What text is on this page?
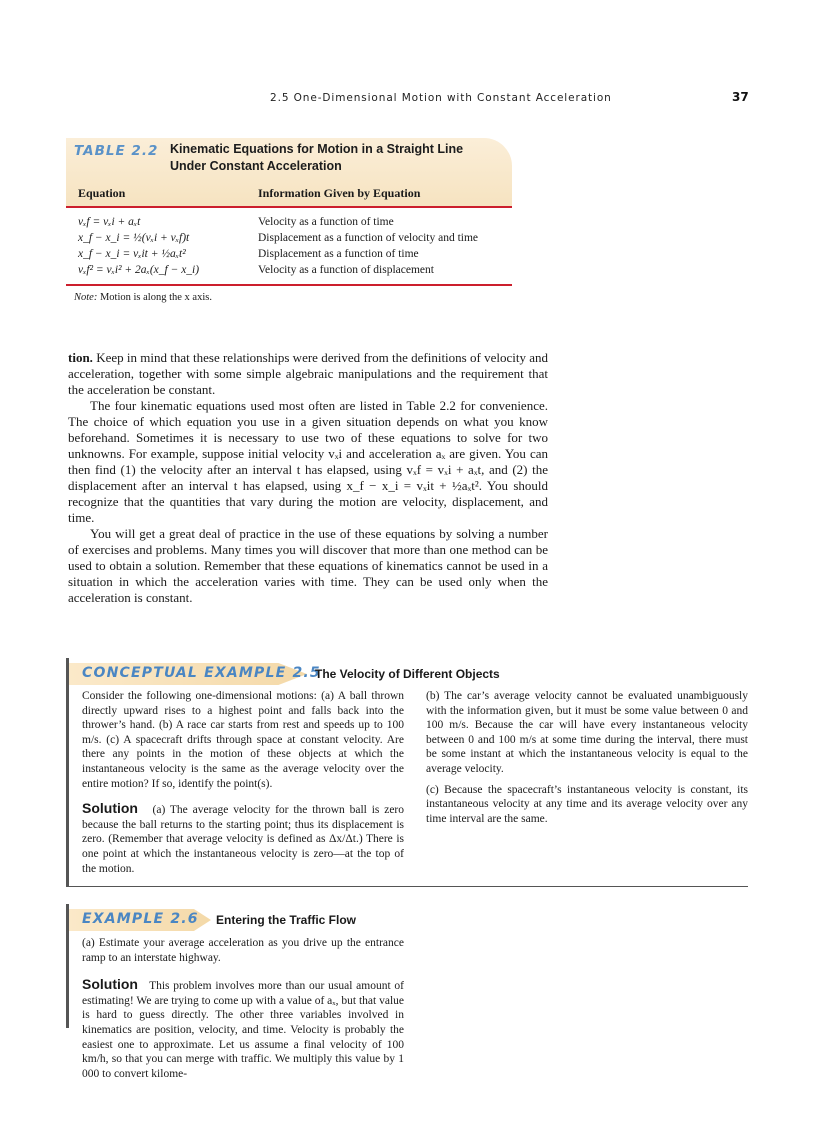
2.5 One-Dimensional Motion with Constant Acceleration	37
TABLE 2.2 Kinematic Equations for Motion in a Straight Line
Under Constant Acceleration
Equation	Information Given by Equation
vₓf = vₓi + aₓt	Velocity as a function of time
x_f − x_i = ½(vₓi + vₓf)t	Displacement as a function of velocity and time
x_f − x_i = vₓit + ½aₓt²	Displacement as a function of time
vₓf² = vₓi² + 2aₓ(x_f − x_i)	Velocity as a function of displacement
Note: Motion is along the x axis.

tion. Keep in mind that these relationships were derived from the definitions of velocity and acceleration, together with some simple algebraic manipulations and the requirement that the acceleration be constant.

The four kinematic equations used most often are listed in Table 2.2 for convenience. The choice of which equation you use in a given situation depends on what you know beforehand. Sometimes it is necessary to use two of these equations to solve for two unknowns. For example, suppose initial velocity vₓi and acceleration aₓ are given. You can then find (1) the velocity after an interval t has elapsed, using vₓf = vₓi + aₓt, and (2) the displacement after an interval t has elapsed, using x_f − x_i = vₓit + ½aₓt². You should recognize that the quantities that vary during the motion are velocity, displacement, and time.

You will get a great deal of practice in the use of these equations by solving a number of exercises and problems. Many times you will discover that more than one method can be used to obtain a solution. Remember that these equations of kinematics cannot be used in a situation in which the acceleration varies with time. They can be used only when the acceleration is constant.

CONCEPTUAL EXAMPLE 2.5
The Velocity of Different Objects

Consider the following one-dimensional motions: (a) A ball thrown directly upward rises to a highest point and falls back into the thrower’s hand. (b) A race car starts from rest and speeds up to 100 m/s. (c) A spacecraft drifts through space at constant velocity. Are there any points in the motion of these objects at which the instantaneous velocity is the same as the average velocity over the entire motion? If so, identify the point(s).

Solution (a) The average velocity for the thrown ball is zero because the ball returns to the starting point; thus its displacement is zero. (Remember that average velocity is defined as Δx/Δt.) There is one point at which the instantaneous velocity is zero—at the top of the motion.

(b) The car’s average velocity cannot be evaluated unambiguously with the information given, but it must be some value between 0 and 100 m/s. Because the car will have every instantaneous velocity between 0 and 100 m/s at some time during the interval, there must be some instant at which the instantaneous velocity is equal to the average velocity.

(c) Because the spacecraft’s instantaneous velocity is constant, its instantaneous velocity at any time and its average velocity over any time interval are the same.

EXAMPLE 2.6 Entering the Traffic Flow

(a) Estimate your average acceleration as you drive up the entrance ramp to an interstate highway.

Solution This problem involves more than our usual amount of estimating! We are trying to come up with a value of aₓ, but that value is hard to guess directly. The other three variables involved in kinematics are position, velocity, and time. Velocity is probably the easiest one to approximate. Let us assume a final velocity of 100 km/h, so that you can merge with traffic. We multiply this value by 1 000 to convert kilome-
